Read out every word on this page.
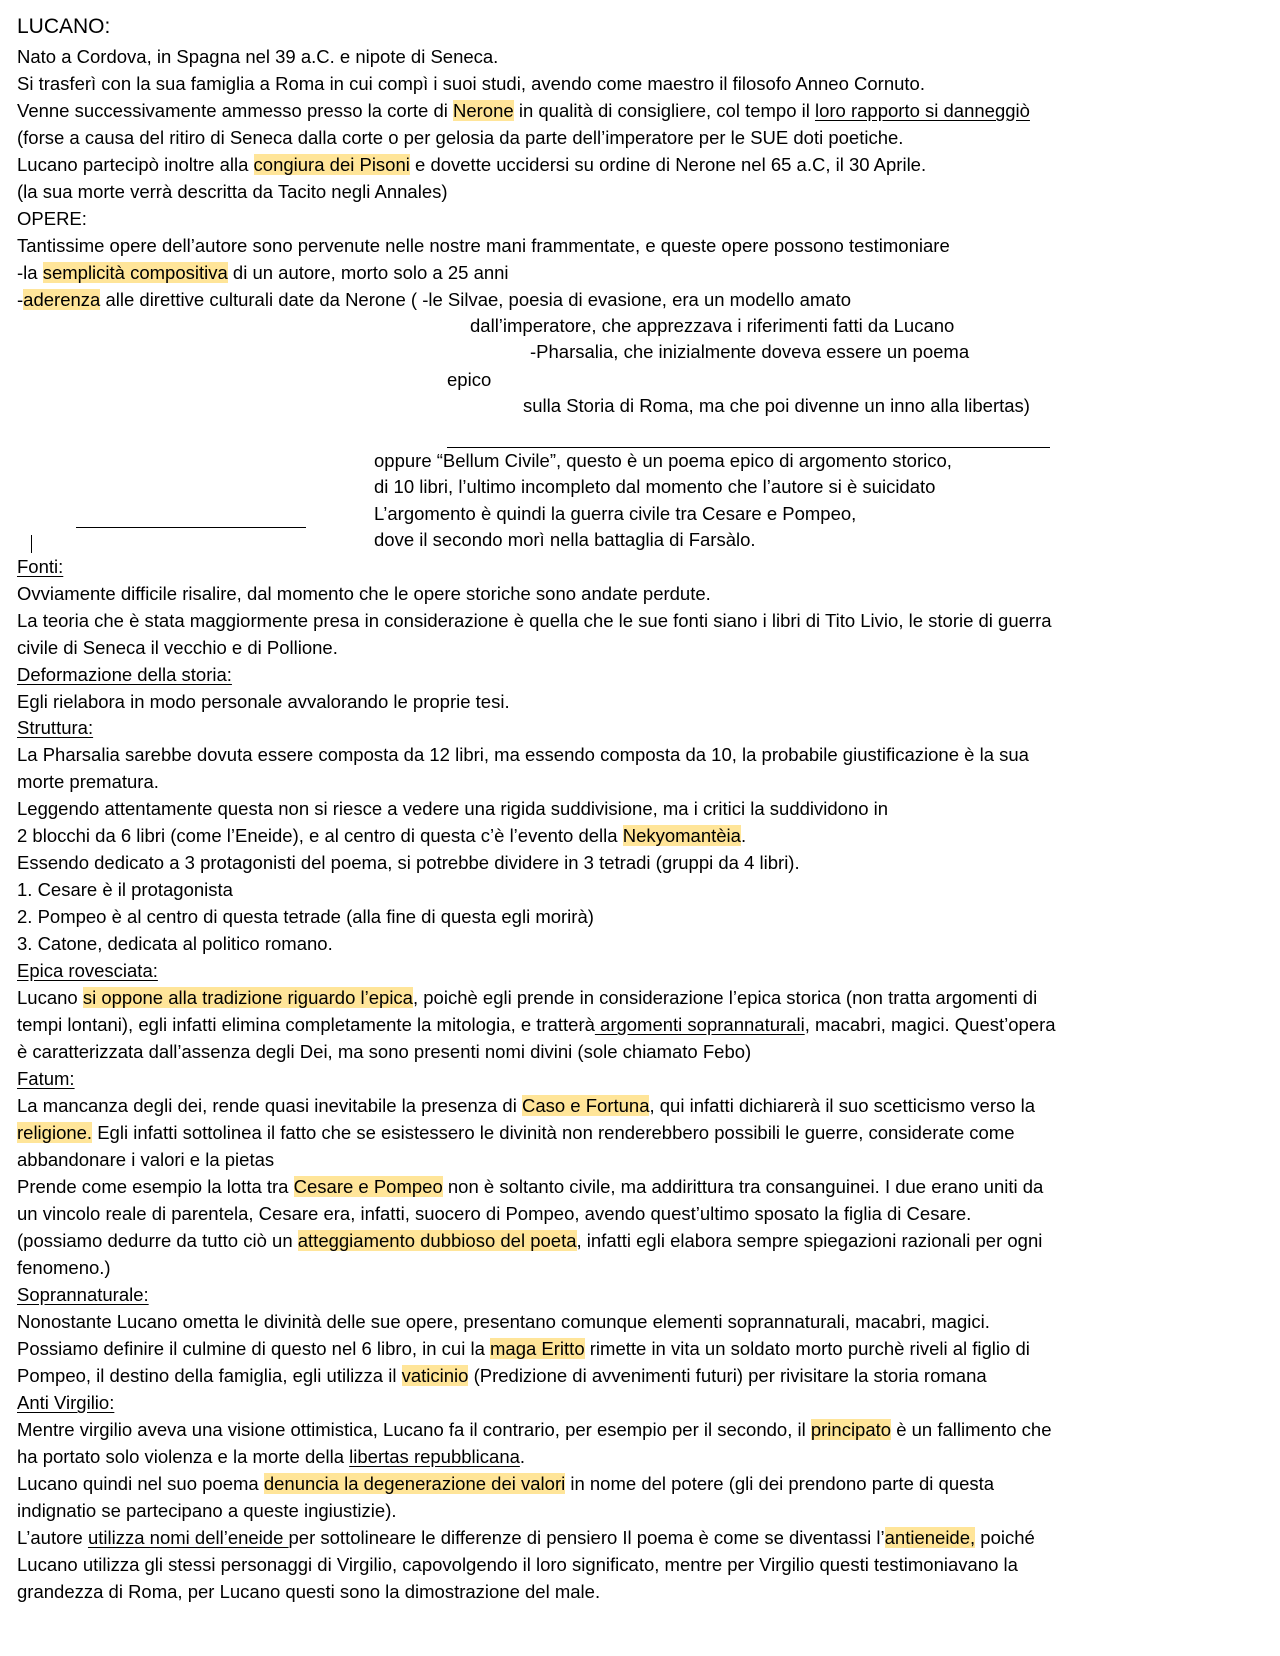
LUCANO:
Nato a Cordova, in Spagna nel 39 a.C. e nipote di Seneca.
Si trasferì con la sua famiglia a Roma in cui compì i suoi studi, avendo come maestro il filosofo Anneo Cornuto.
Venne successivamente ammesso presso la corte di Nerone in qualità di consigliere, col tempo il loro rapporto si danneggiò
(forse a causa del ritiro di Seneca dalla corte o per gelosia da parte dell’imperatore per le SUE doti poetiche.
Lucano partecipò inoltre alla congiura dei Pisoni e dovette uccidersi su ordine di Nerone nel 65 a.C, il 30 Aprile.
(la sua morte verrà descritta da Tacito negli Annales)
OPERE:
Tantissime opere dell’autore sono pervenute nelle nostre mani frammentate, e queste opere possono testimoniare
-la semplicità compositiva di un autore, morto solo a 25 anni
-aderenza alle direttive culturali date da Nerone ( -le Silvae, poesia di evasione, era un modello amato
dall’imperatore, che apprezzava i riferimenti fatti da Lucano
-Pharsalia, che inizialmente doveva essere un poema
epico
sulla Storia di Roma, ma che poi divenne un inno alla libertas)
oppure “Bellum Civile”, questo è un poema epico di argomento storico,
di 10 libri, l’ultimo incompleto dal momento che l’autore si è suicidato
L’argomento è quindi la guerra civile tra Cesare e Pompeo,
dove il secondo morì nella battaglia di Farsàlo.
Fonti:
Ovviamente difficile risalire, dal momento che le opere storiche sono andate perdute.
La teoria che è stata maggiormente presa in considerazione è quella che le sue fonti siano i libri di Tito Livio, le storie di guerra
civile di Seneca il vecchio e di Pollione.
Deformazione della storia:
Egli rielabora in modo personale avvalorando le proprie tesi.
Struttura:
La Pharsalia sarebbe dovuta essere composta da 12 libri, ma essendo composta da 10, la probabile giustificazione è la sua
morte prematura.
Leggendo attentamente questa non si riesce a vedere una rigida suddivisione, ma i critici la suddividono in
2 blocchi da 6 libri (come l’Eneide), e al centro di questa c’è l’evento della Nekyomantèia.
Essendo dedicato a 3 protagonisti del poema, si potrebbe dividere in 3 tetradi (gruppi da 4 libri).
1. Cesare è il protagonista
2. Pompeo è al centro di questa tetrade (alla fine di questa egli morirà)
3. Catone, dedicata al politico romano.
Epica rovesciata:
Lucano si oppone alla tradizione riguardo l’epica, poichè egli prende in considerazione l’epica storica (non tratta argomenti di
tempi lontani), egli infatti elimina completamente la mitologia, e tratterà argomenti soprannaturali, macabri, magici. Quest’opera
è caratterizzata dall’assenza degli Dei, ma sono presenti nomi divini (sole chiamato Febo)
Fatum:
La mancanza degli dei, rende quasi inevitabile la presenza di Caso e Fortuna, qui infatti dichiarerà il suo scetticismo verso la
religione. Egli infatti sottolinea il fatto che se esistessero le divinità non renderebbero possibili le guerre, considerate come
abbandonare i valori e la pietas
Prende come esempio la lotta tra Cesare e Pompeo non è soltanto civile, ma addirittura tra consanguinei. I due erano uniti da
un vincolo reale di parentela, Cesare era, infatti, suocero di Pompeo, avendo quest’ultimo sposato la figlia di Cesare.
(possiamo dedurre da tutto ciò un atteggiamento dubbioso del poeta, infatti egli elabora sempre spiegazioni razionali per ogni
fenomeno.)
Soprannaturale:
Nonostante Lucano ometta le divinità delle sue opere, presentano comunque elementi soprannaturali, macabri, magici.
Possiamo definire il culmine di questo nel 6 libro, in cui la maga Eritto rimette in vita un soldato morto purchè riveli al figlio di
Pompeo, il destino della famiglia, egli utilizza il vaticinio (Predizione di avvenimenti futuri) per rivisitare la storia romana
Anti Virgilio:
Mentre virgilio aveva una visione ottimistica, Lucano fa il contrario, per esempio per il secondo, il principato è un fallimento che
ha portato solo violenza e la morte della libertas repubblicana.
Lucano quindi nel suo poema denuncia la degenerazione dei valori in nome del potere (gli dei prendono parte di questa
indignatio se partecipano a queste ingiustizie).
L’autore utilizza nomi dell’eneide per sottolineare le differenze di pensiero Il poema è come se diventassi l’antieneide, poiché
Lucano utilizza gli stessi personaggi di Virgilio, capovolgendo il loro significato, mentre per Virgilio questi testimoniavano la
grandezza di Roma, per Lucano questi sono la dimostrazione del male.
